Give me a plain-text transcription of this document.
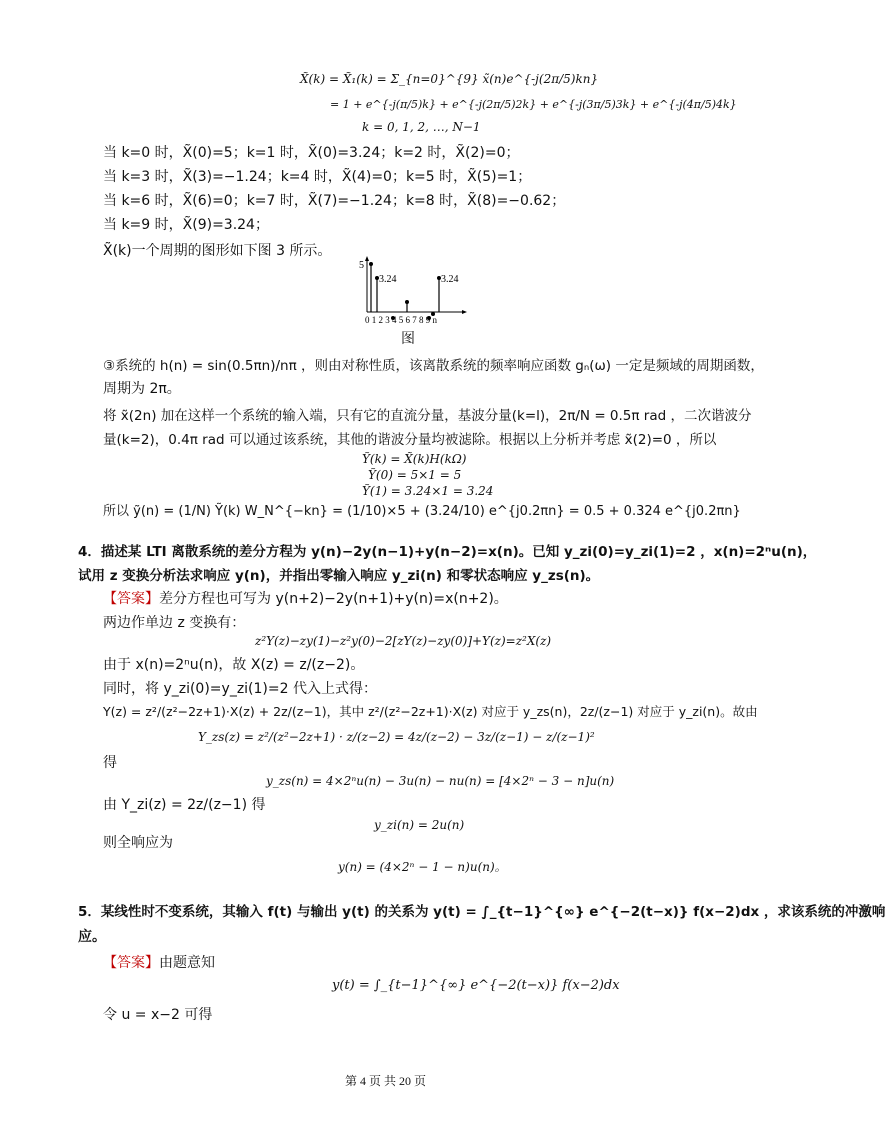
X̃(k) = X̃₁(k) = Σ_{n=0}^{9} x̃(n)e^{-j(2π/5)kn}
= 1 + e^{-j(π/5)k} + e^{-j(2π/5)2k} + e^{-j(3π/5)3k} + e^{-j(4π/5)4k}
k = 0, 1, 2, …, N−1
当 k=0 时，X̃(0)=5；k=1 时，X̃(0)=3.24；k=2 时，X̃(2)=0；
当 k=3 时，X̃(3)=−1.24；k=4 时，X̃(4)=0；k=5 时，X̃(5)=1；
当 k=6 时，X̃(6)=0；k=7 时，X̃(7)=−1.24；k=8 时，X̃(8)=−0.62；
当 k=9 时，X̃(9)=3.24；
X̃(k)一个周期的图形如下图 3 所示。
5
3.24	3.24
0 1 2 3 4 5 6 7 8 9 n
图
③系统的 h(n) = sin(0.5πn)/nπ ，则由对称性质，该离散系统的频率响应函数 gₙ(ω) 一定是频域的周期函数，
周期为 2π。
将 x̃(2n) 加在这样一个系统的输入端，只有它的直流分量，基波分量(k=l)，2π/N = 0.5π rad ，二次谐波分
量(k=2)，0.4π rad 可以通过该系统，其他的谐波分量均被滤除。根据以上分析并考虑 x̃(2)=0 ，所以
Ỹ(k) = X̃(k)H(kΩ)
Ỹ(0) = 5×1 = 5
Ỹ(1) = 3.24×1 = 3.24
所以 ỹ(n) = (1/N) Ỹ(k) W_N^{−kn} = (1/10)×5 + (3.24/10) e^{j0.2πn} = 0.5 + 0.324 e^{j0.2πn}
4．描述某 LTI 离散系统的差分方程为 y(n)−2y(n−1)+y(n−2)=x(n)。已知 y_zi(0)=y_zi(1)=2 ，x(n)=2ⁿu(n)，
试用 z 变换分析法求响应 y(n)，并指出零输入响应 y_zi(n) 和零状态响应 y_zs(n)。
【答案】差分方程也可写为 y(n+2)−2y(n+1)+y(n)=x(n+2)。
两边作单边 z 变换有：
z²Y(z)−zy(1)−z²y(0)−2[zY(z)−zy(0)]+Y(z)=z²X(z)
由于 x(n)=2ⁿu(n)，故 X(z) = z/(z−2)。
同时，将 y_zi(0)=y_zi(1)=2 代入上式得：
Y(z) = z²/(z²−2z+1)·X(z) + 2z/(z−1)，其中 z²/(z²−2z+1)·X(z) 对应于 y_zs(n)，2z/(z−1) 对应于 y_zi(n)。故由
Y_zs(z) = z²/(z²−2z+1) · z/(z−2) = 4z/(z−2) − 3z/(z−1) − z/(z−1)²
得
y_zs(n) = 4×2ⁿu(n) − 3u(n) − nu(n) = [4×2ⁿ − 3 − n]u(n)
由 Y_zi(z) = 2z/(z−1) 得
y_zi(n) = 2u(n)
则全响应为
y(n) = (4×2ⁿ − 1 − n)u(n)。
5．某线性时不变系统，其输入 f(t) 与输出 y(t) 的关系为 y(t) = ∫_{t−1}^{∞} e^{−2(t−x)} f(x−2)dx ，求该系统的冲激响
应。
【答案】由题意知
y(t) = ∫_{t−1}^{∞} e^{−2(t−x)} f(x−2)dx
令 u = x−2 可得
第 4 页 共 20 页
